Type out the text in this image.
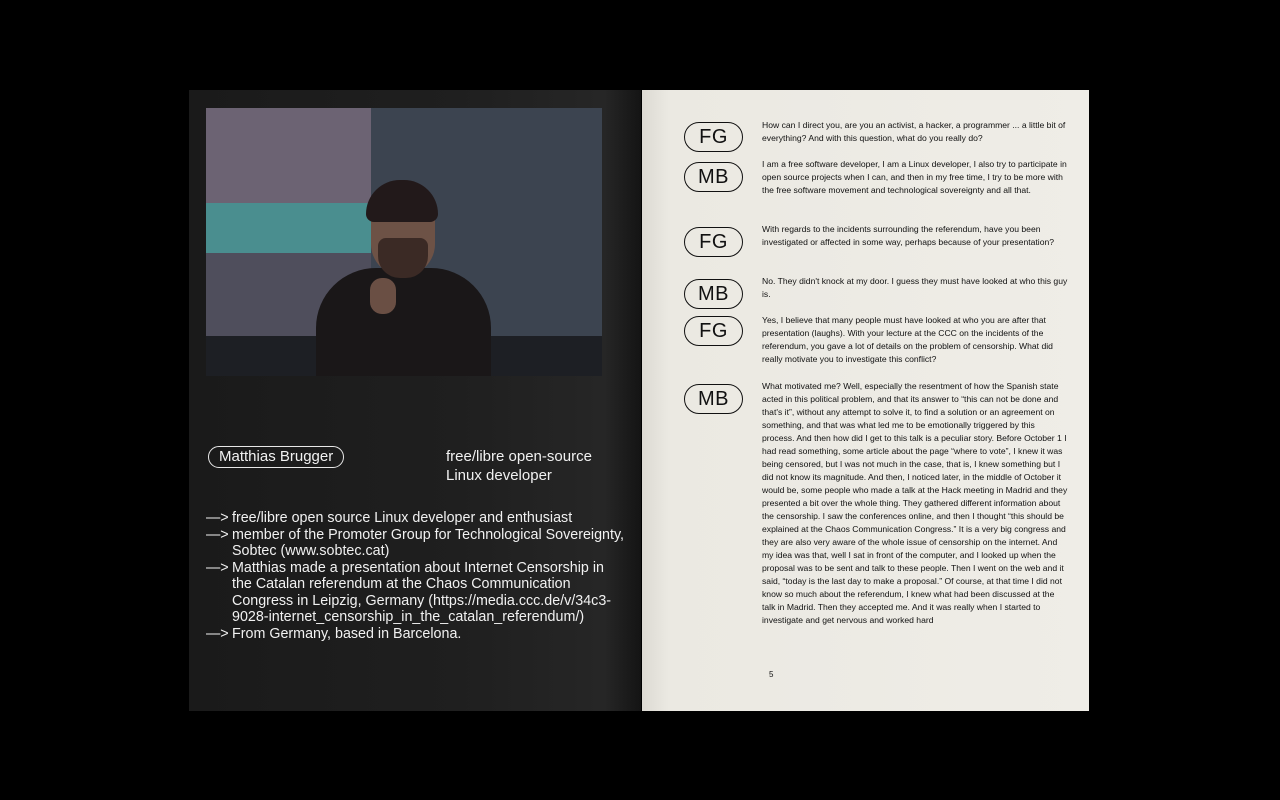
Matthias Brugger	free/libre open-source Linux developer
—> free/libre open source Linux developer and enthusiast
—> member of the Promoter Group for Technological Sovereignty, Sobtec (www.sobtec.cat)
—> Matthias made a presentation about Internet Censorship in the Catalan referendum at the Chaos Communication Congress in Leipzig, Germany (https://media.ccc.de/v/34c3-9028-internet_censorship_in_the_catalan_referendum/)
—> From Germany, based in Barcelona.
FG
How can I direct you, are you an activist, a hacker, a programmer ... a little bit of everything? And with this question, what do you really do?
MB
I am a free software developer, I am a Linux developer, I also try to participate in open source projects when I can, and then in my free time, I try to be more with the free software movement and technological sovereignty and all that.
FG
With regards to the incidents surrounding the referendum, have you been investigated or affected in some way, perhaps because of your presentation?
MB
No. They didn't knock at my door. I guess they must have looked at who this guy is.
FG	Yes, I believe that many people must have looked at who you are after that presentation (laughs). With your lecture at the CCC on the incidents of the referendum, you gave a lot of details on the problem of censorship. What did really motivate you to investigate this conflict?
MB
What motivated me? Well, especially the resentment of how the Spanish state acted in this political problem, and that its answer to “this can not be done and that's it”, without any attempt to solve it, to find a solution or an agreement on something, and that was what led me to be emotionally triggered by this process. And then how did I get to this talk is a peculiar story. Before October 1 I had read something, some article about the page “where to vote”, I knew it was being censored, but I was not much in the case, that is, I knew something but I did not know its magnitude. And then, I noticed later, in the middle of October it would be, some people who made a talk at the Hack meeting in Madrid and they presented a bit over the whole thing. They gathered different information about the censorship. I saw the conferences online, and then I thought “this should be explained at the Chaos Communication Congress.” It is a very big congress and they are also very aware of the whole issue of censorship on the internet. And my idea was that, well I sat in front of the computer, and I looked up when the proposal was to be sent and talk to these people. Then I went on the web and it said, “today is the last day to make a proposal.” Of course, at that time I did not know so much about the referendum, I knew what had been discussed at the talk in Madrid. Then they accepted me. And it was really when I started to investigate and get nervous and worked hard
5
